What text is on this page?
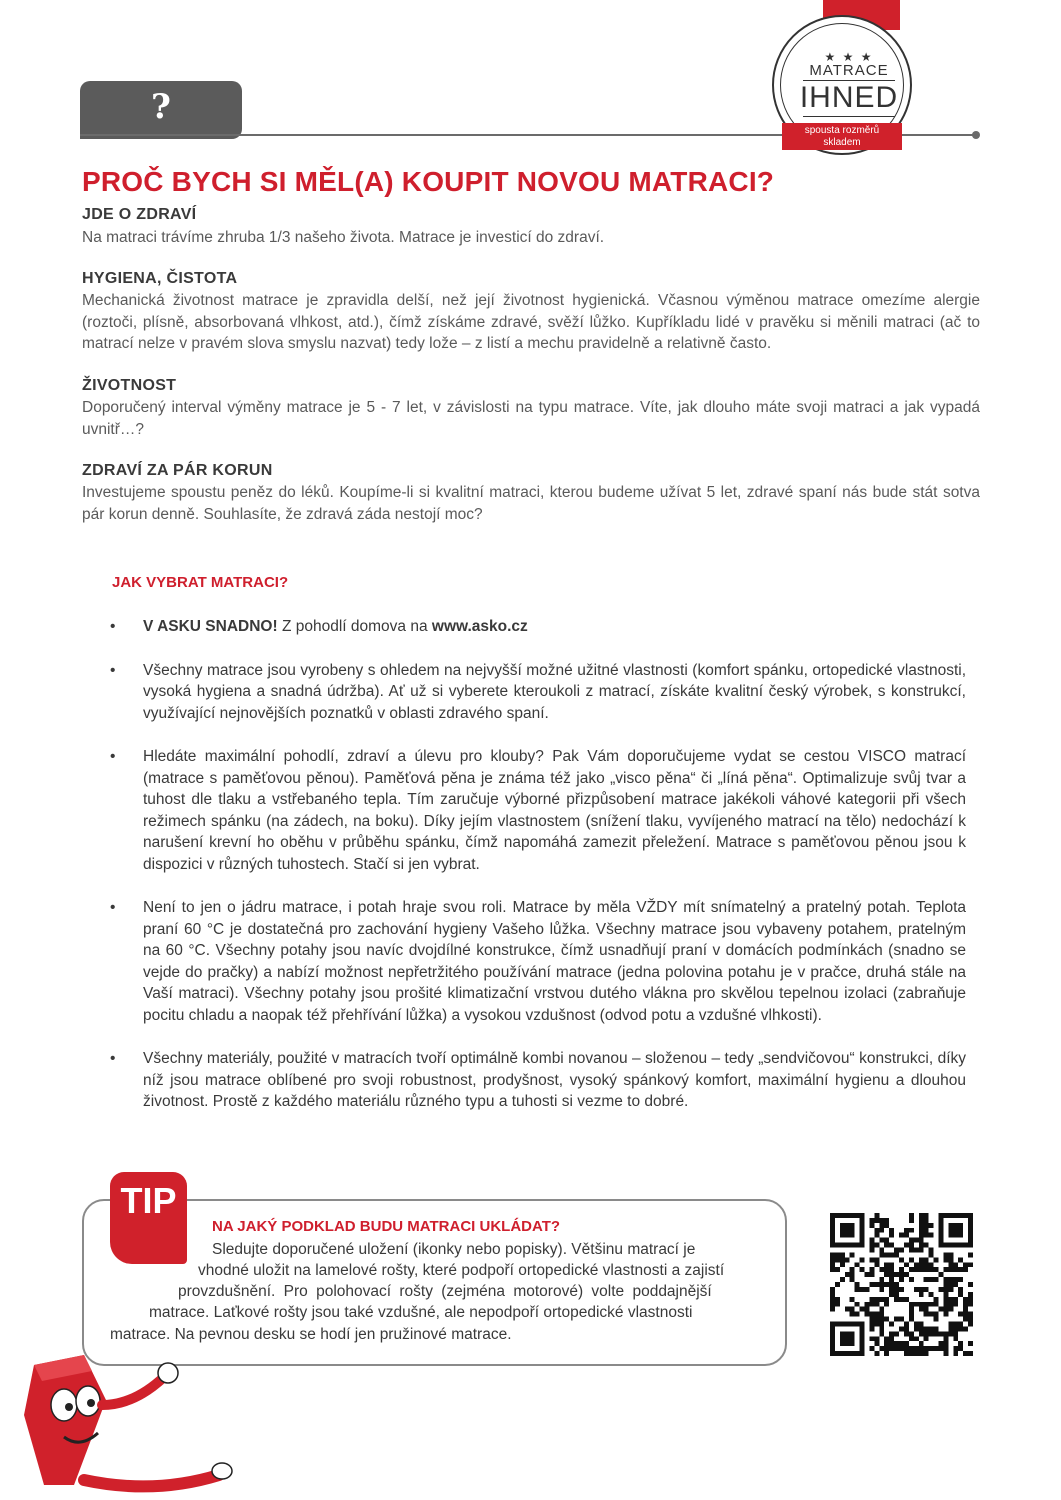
?
★ ★ ★
MATRACE
IHNED
spousta rozměrů
skladem
PROČ BYCH SI MĚL(A) KOUPIT NOVOU MATRACI?
JDE O ZDRAVÍ
Na matraci trávíme zhruba 1/3 našeho života. Matrace je investicí do zdraví.
HYGIENA, ČISTOTA
Mechanická životnost matrace je zpravidla delší, než její životnost hygienická. Včasnou výměnou matrace omezíme alergie (roztoči, plísně, absorbovaná vlhkost, atd.), čímž získáme zdravé, svěží lůžko. Kupříkladu lidé v pravěku si měnili matraci (ač to matrací nelze v pravém slova smyslu nazvat) tedy lože – z listí a mechu pravidelně a relativně často.
ŽIVOTNOST
Doporučený interval výměny matrace je 5 - 7 let, v závislosti na typu matrace. Víte, jak dlouho máte svoji matraci a jak vypadá uvnitř…?
ZDRAVÍ ZA PÁR KORUN
Investujeme spoustu peněz do léků. Koupíme-li si kvalitní matraci, kterou budeme užívat 5 let, zdravé spaní nás bude stát sotva pár korun denně. Souhlasíte, že zdravá záda nestojí moc?
JAK VYBRAT MATRACI?
• V ASKU SNADNO! Z pohodlí domova na www.asko.cz
• Všechny matrace jsou vyrobeny s ohledem na nejvyšší možné užitné vlastnosti (komfort spánku, ortopedické vlastnosti, vysoká hygiena a snadná údržba). Ať už si vyberete kteroukoli z matrací, získáte kvalitní český výrobek, s konstrukcí, využívající nejnovějších poznatků v oblasti zdravého spaní.
• Hledáte maximální pohodlí, zdraví a úlevu pro klouby? Pak Vám doporučujeme vydat se cestou VISCO matrací (matrace s paměťovou pěnou). Paměťová pěna je známa též jako „visco pěna“ či „líná pěna“. Optimalizuje svůj tvar a tuhost dle tlaku a vstřebaného tepla. Tím zaručuje výborné přizpůsobení matrace jakékoli váhové kategorii při všech režimech spánku (na zádech, na boku). Díky jejím vlastnostem (snížení tlaku, vyvíjeného matrací na tělo) nedochází k narušení krevní ho oběhu v průběhu spánku, čímž napomáhá zamezit přeležení. Matrace s paměťovou pěnou jsou k dispozici v různých tuhostech. Stačí si jen vybrat.
• Není to jen o jádru matrace, i potah hraje svou roli. Matrace by měla VŽDY mít snímatelný a pratelný potah. Teplota praní 60 °C je dostatečná pro zachování hygieny Vašeho lůžka. Všechny matrace jsou vybaveny potahem, pratelným na 60 °C. Všechny potahy jsou navíc dvojdílné konstrukce, čímž usnadňují praní v domácích podmínkách (snadno se vejde do pračky) a nabízí možnost nepřetržitého používání matrace (jedna polovina potahu je v pračce, druhá stále na Vaší matraci). Všechny potahy jsou prošité klimatizační vrstvou dutého vlákna pro skvělou tepelnou izolaci (zabraňuje pocitu chladu a naopak též přehřívání lůžka) a vysokou vzdušnost (odvod potu a vzdušné vlhkosti).
• Všechny materiály, použité v matracích tvoří optimálně kombi novanou – složenou – tedy „sendvičovou“ konstrukci, díky níž jsou matrace oblíbené pro svoji robustnost, prodyšnost, vysoký spánkový komfort, maximální hygienu a dlouhou životnost. Prostě z každého materiálu různého typu a tuhosti si vezme to dobré.
TIP
NA JAKÝ PODKLAD BUDU MATRACI UKLÁDAT?
Sledujte doporučené uložení (ikonky nebo popisky). Většinu matrací je
vhodné uložit na lamelové rošty, které podpoří ortopedické vlastnosti a zajistí
provzdušnění. Pro polohovací rošty (zejména motorové) volte poddajnější
matrace. Laťkové rošty jsou také vzdušné, ale nepodpoří ortopedické vlastnosti
matrace. Na pevnou desku se hodí jen pružinové matrace.
